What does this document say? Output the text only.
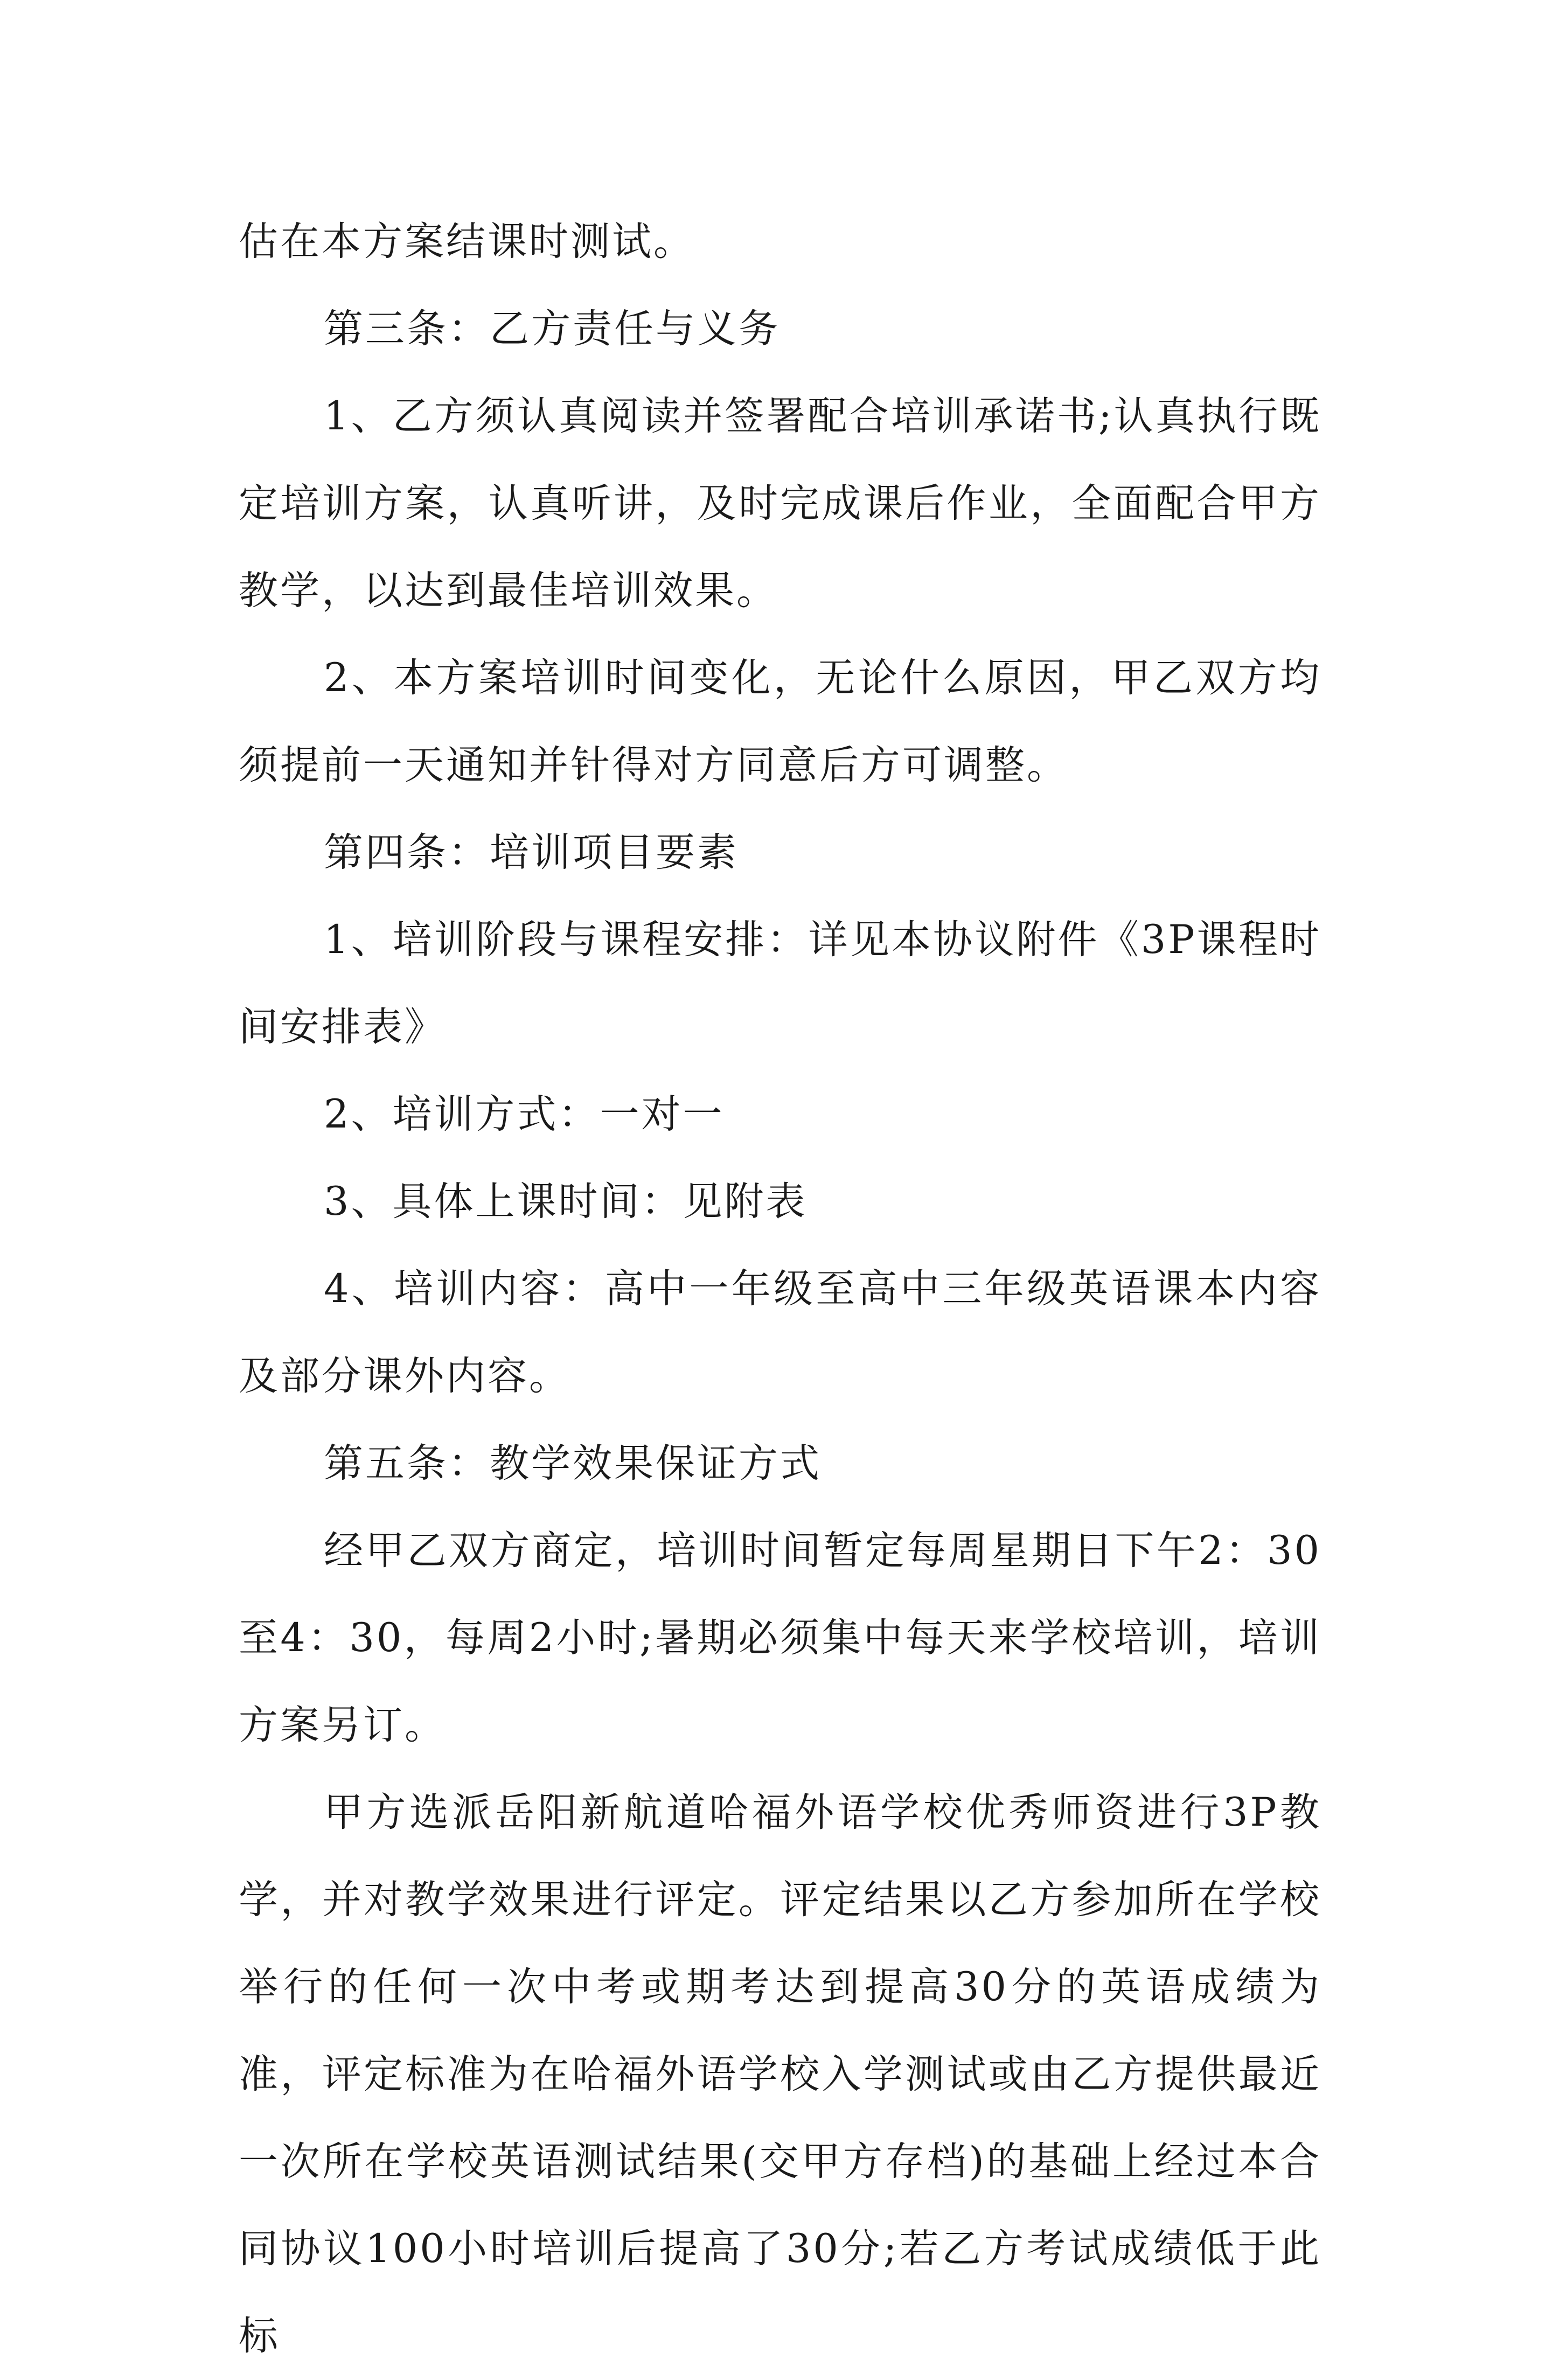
估在本方案结课时测试。

第三条：乙方责任与义务

1、乙方须认真阅读并签署配合培训承诺书;认真执行既定培训方案，认真听讲，及时完成课后作业，全面配合甲方教学，以达到最佳培训效果。

2、本方案培训时间变化，无论什么原因，甲乙双方均须提前一天通知并针得对方同意后方可调整。

第四条：培训项目要素

1、培训阶段与课程安排：详见本协议附件《3P课程时间安排表》

2、培训方式：一对一

3、具体上课时间：见附表

4、培训内容：高中一年级至高中三年级英语课本内容及部分课外内容。

第五条：教学效果保证方式

经甲乙双方商定，培训时间暂定每周星期日下午2：30至4：30，每周2小时;暑期必须集中每天来学校培训，培训方案另订。

甲方选派岳阳新航道哈福外语学校优秀师资进行3P教学，并对教学效果进行评定。评定结果以乙方参加所在学校举行的任何一次中考或期考达到提高30分的英语成绩为准，评定标准为在哈福外语学校入学测试或由乙方提供最近一次所在学校英语测试结果(交甲方存档)的基础上经过本合同协议100小时培训后提高了30分;若乙方考试成绩低于此标
